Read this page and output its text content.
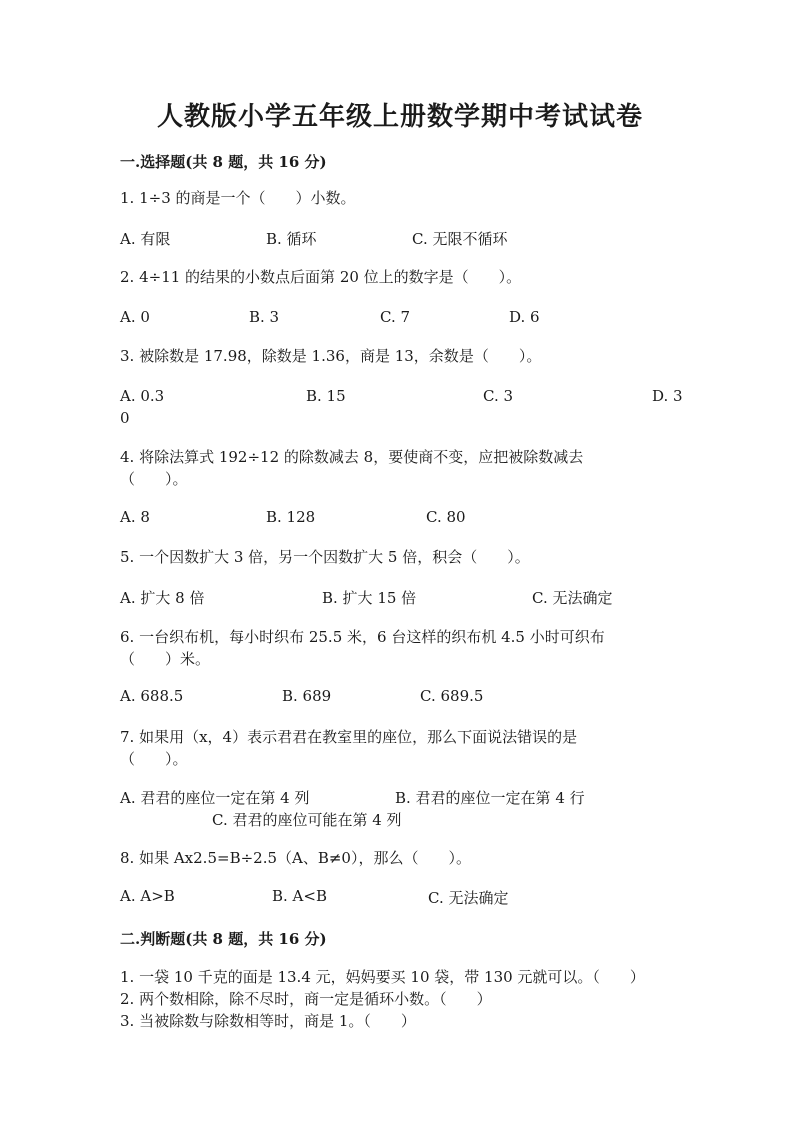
人教版小学五年级上册数学期中考试试卷
一.选择题(共 8 题，共 16 分)
1. 1÷3 的商是一个（　　）小数。
A. 有限	B. 循环	C. 无限不循环
2. 4÷11 的结果的小数点后面第 20 位上的数字是（　　）。
A. 0	B. 3	C. 7	D. 6
3. 被除数是 17.98，除数是 1.36，商是 13，余数是（　　）。
A. 0.3	B. 15	C. 3	D. 3
0
4. 将除法算式 192÷12 的除数减去 8，要使商不变，应把被除数减去
（　　）。
A. 8	B. 128	C. 80
5. 一个因数扩大 3 倍，另一个因数扩大 5 倍，积会（　　）。
A. 扩大 8 倍	B. 扩大 15 倍	C. 无法确定
6. 一台织布机，每小时织布 25.5 米，6 台这样的织布机 4.5 小时可织布
（　　）米。
A. 688.5	B. 689	C. 689.5
7. 如果用（x，4）表示君君在教室里的座位，那么下面说法错误的是
（　　）。
A. 君君的座位一定在第 4 列	B. 君君的座位一定在第 4 行
C. 君君的座位可能在第 4 列
8. 如果 Ax2.5=B÷2.5（A、B≠0），那么（　　）。
A. A>B	B. A<B	C. 无法确定
二.判断题(共 8 题，共 16 分)
1. 一袋 10 千克的面是 13.4 元，妈妈要买 10 袋，带 130 元就可以。（　　）
2. 两个数相除，除不尽时，商一定是循环小数。（　　）
3. 当被除数与除数相等时，商是 1。（　　）
